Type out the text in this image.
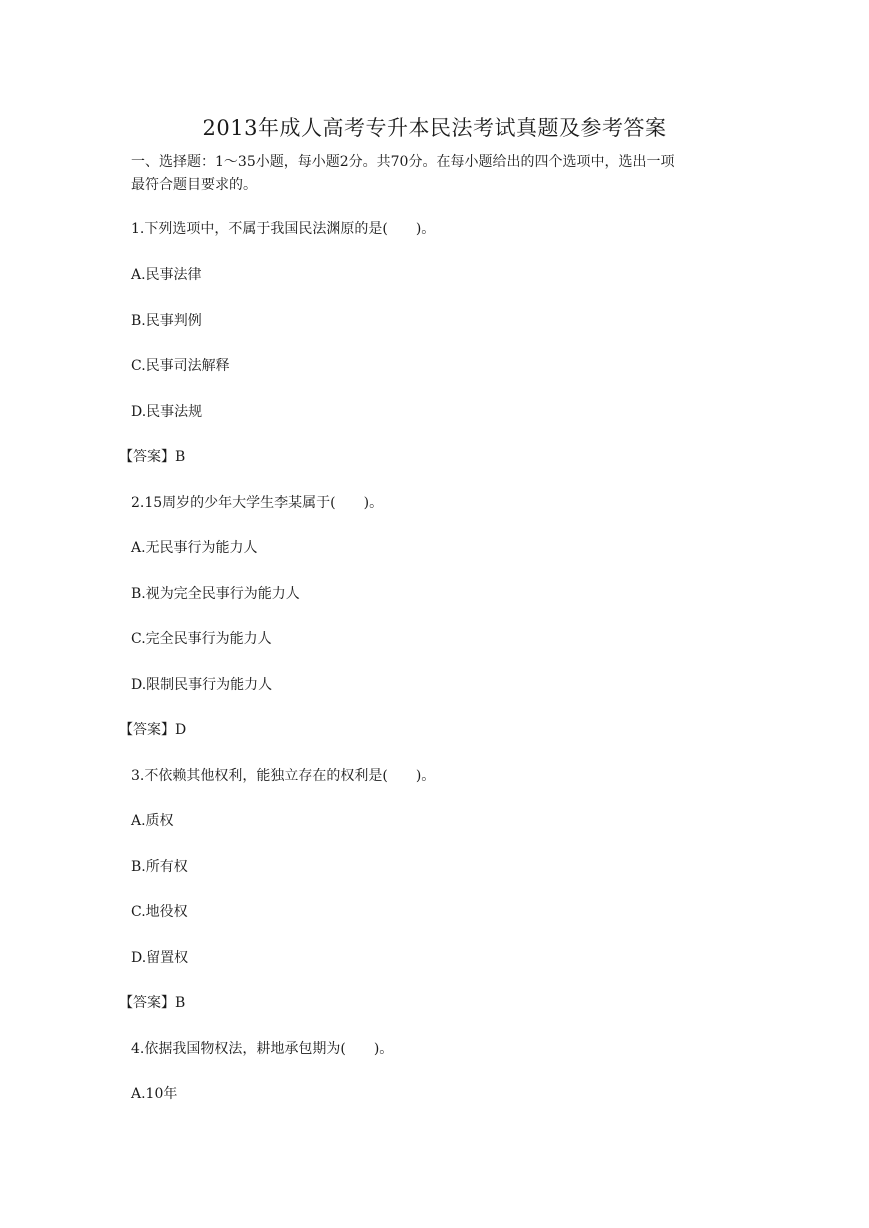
2013年成人高考专升本民法考试真题及参考答案
一、选择题：1～35小题，每小题2分。共70分。在每小题给出的四个选项中，选出一项
最符合题目要求的。
1.下列选项中，不属于我国民法渊原的是(　　)。
A.民事法律
B.民事判例
C.民事司法解释
D.民事法规
【答案】B
2.15周岁的少年大学生李某属于(　　)。
A.无民事行为能力人
B.视为完全民事行为能力人
C.完全民事行为能力人
D.限制民事行为能力人
【答案】D
3.不依赖其他权利，能独立存在的权利是(　　)。
A.质权
B.所有权
C.地役权
D.留置权
【答案】B
4.依据我国物权法，耕地承包期为(　　)。
A.10年
